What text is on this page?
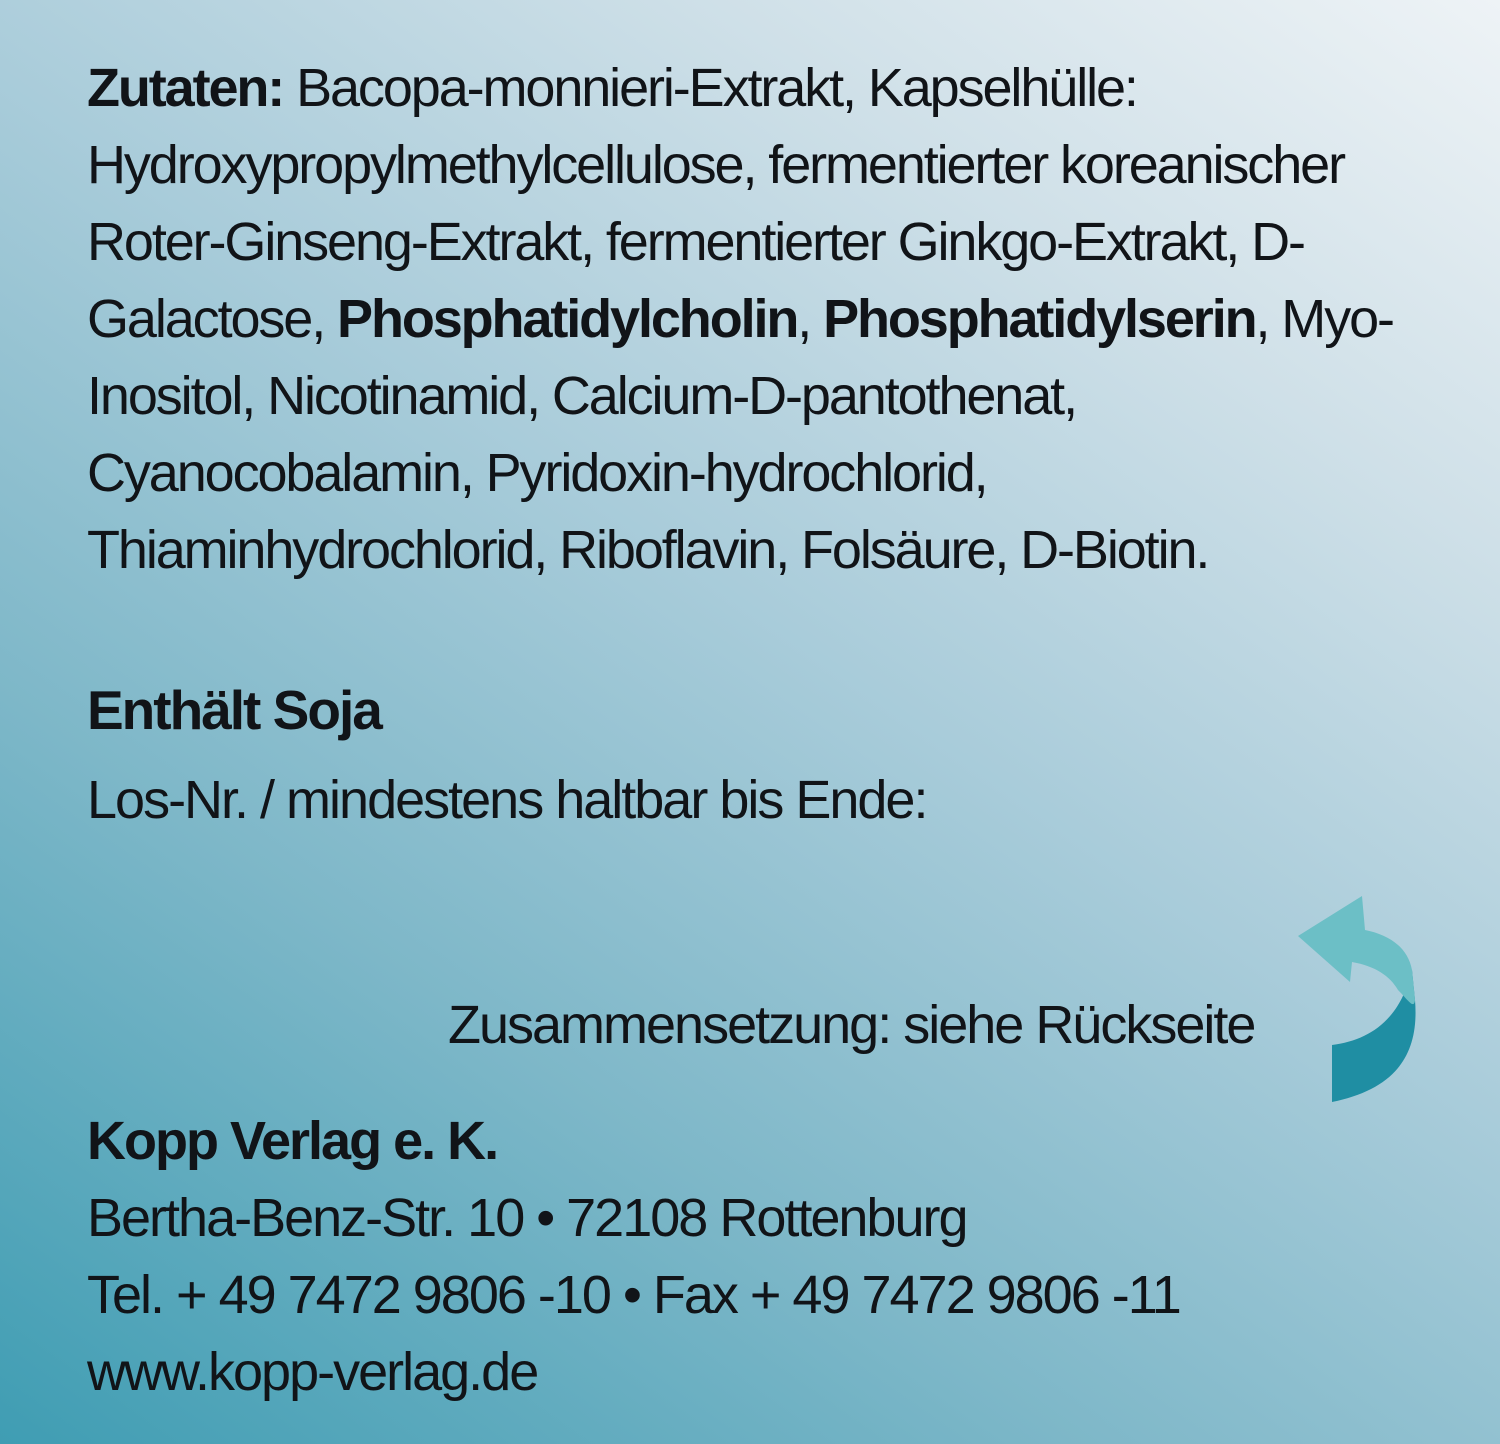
Zutaten: Bacopa-monnieri-Extrakt, Kapselhülle: Hydroxypropylmethylcellulose, fermentierter koreanischer Roter-Ginseng-Extrakt, fermentierter Ginkgo-Extrakt, D-Galactose, Phosphatidylcholin, Phosphatidylserin, Myo-Inositol, Nicotinamid, Calcium-D-pantothenat, Cyanocobalamin, Pyridoxin-hydrochlorid, Thiaminhydrochlorid, Riboflavin, Folsäure, D-Biotin.

Enthält Soja

Los-Nr. / mindestens haltbar bis Ende:

Zusammensetzung: siehe Rückseite

Kopp Verlag e. K.
Bertha-Benz-Str. 10 • 72108 Rottenburg
Tel. + 49 7472 9806 -10 • Fax + 49 7472 9806 -11
www.kopp-verlag.de
